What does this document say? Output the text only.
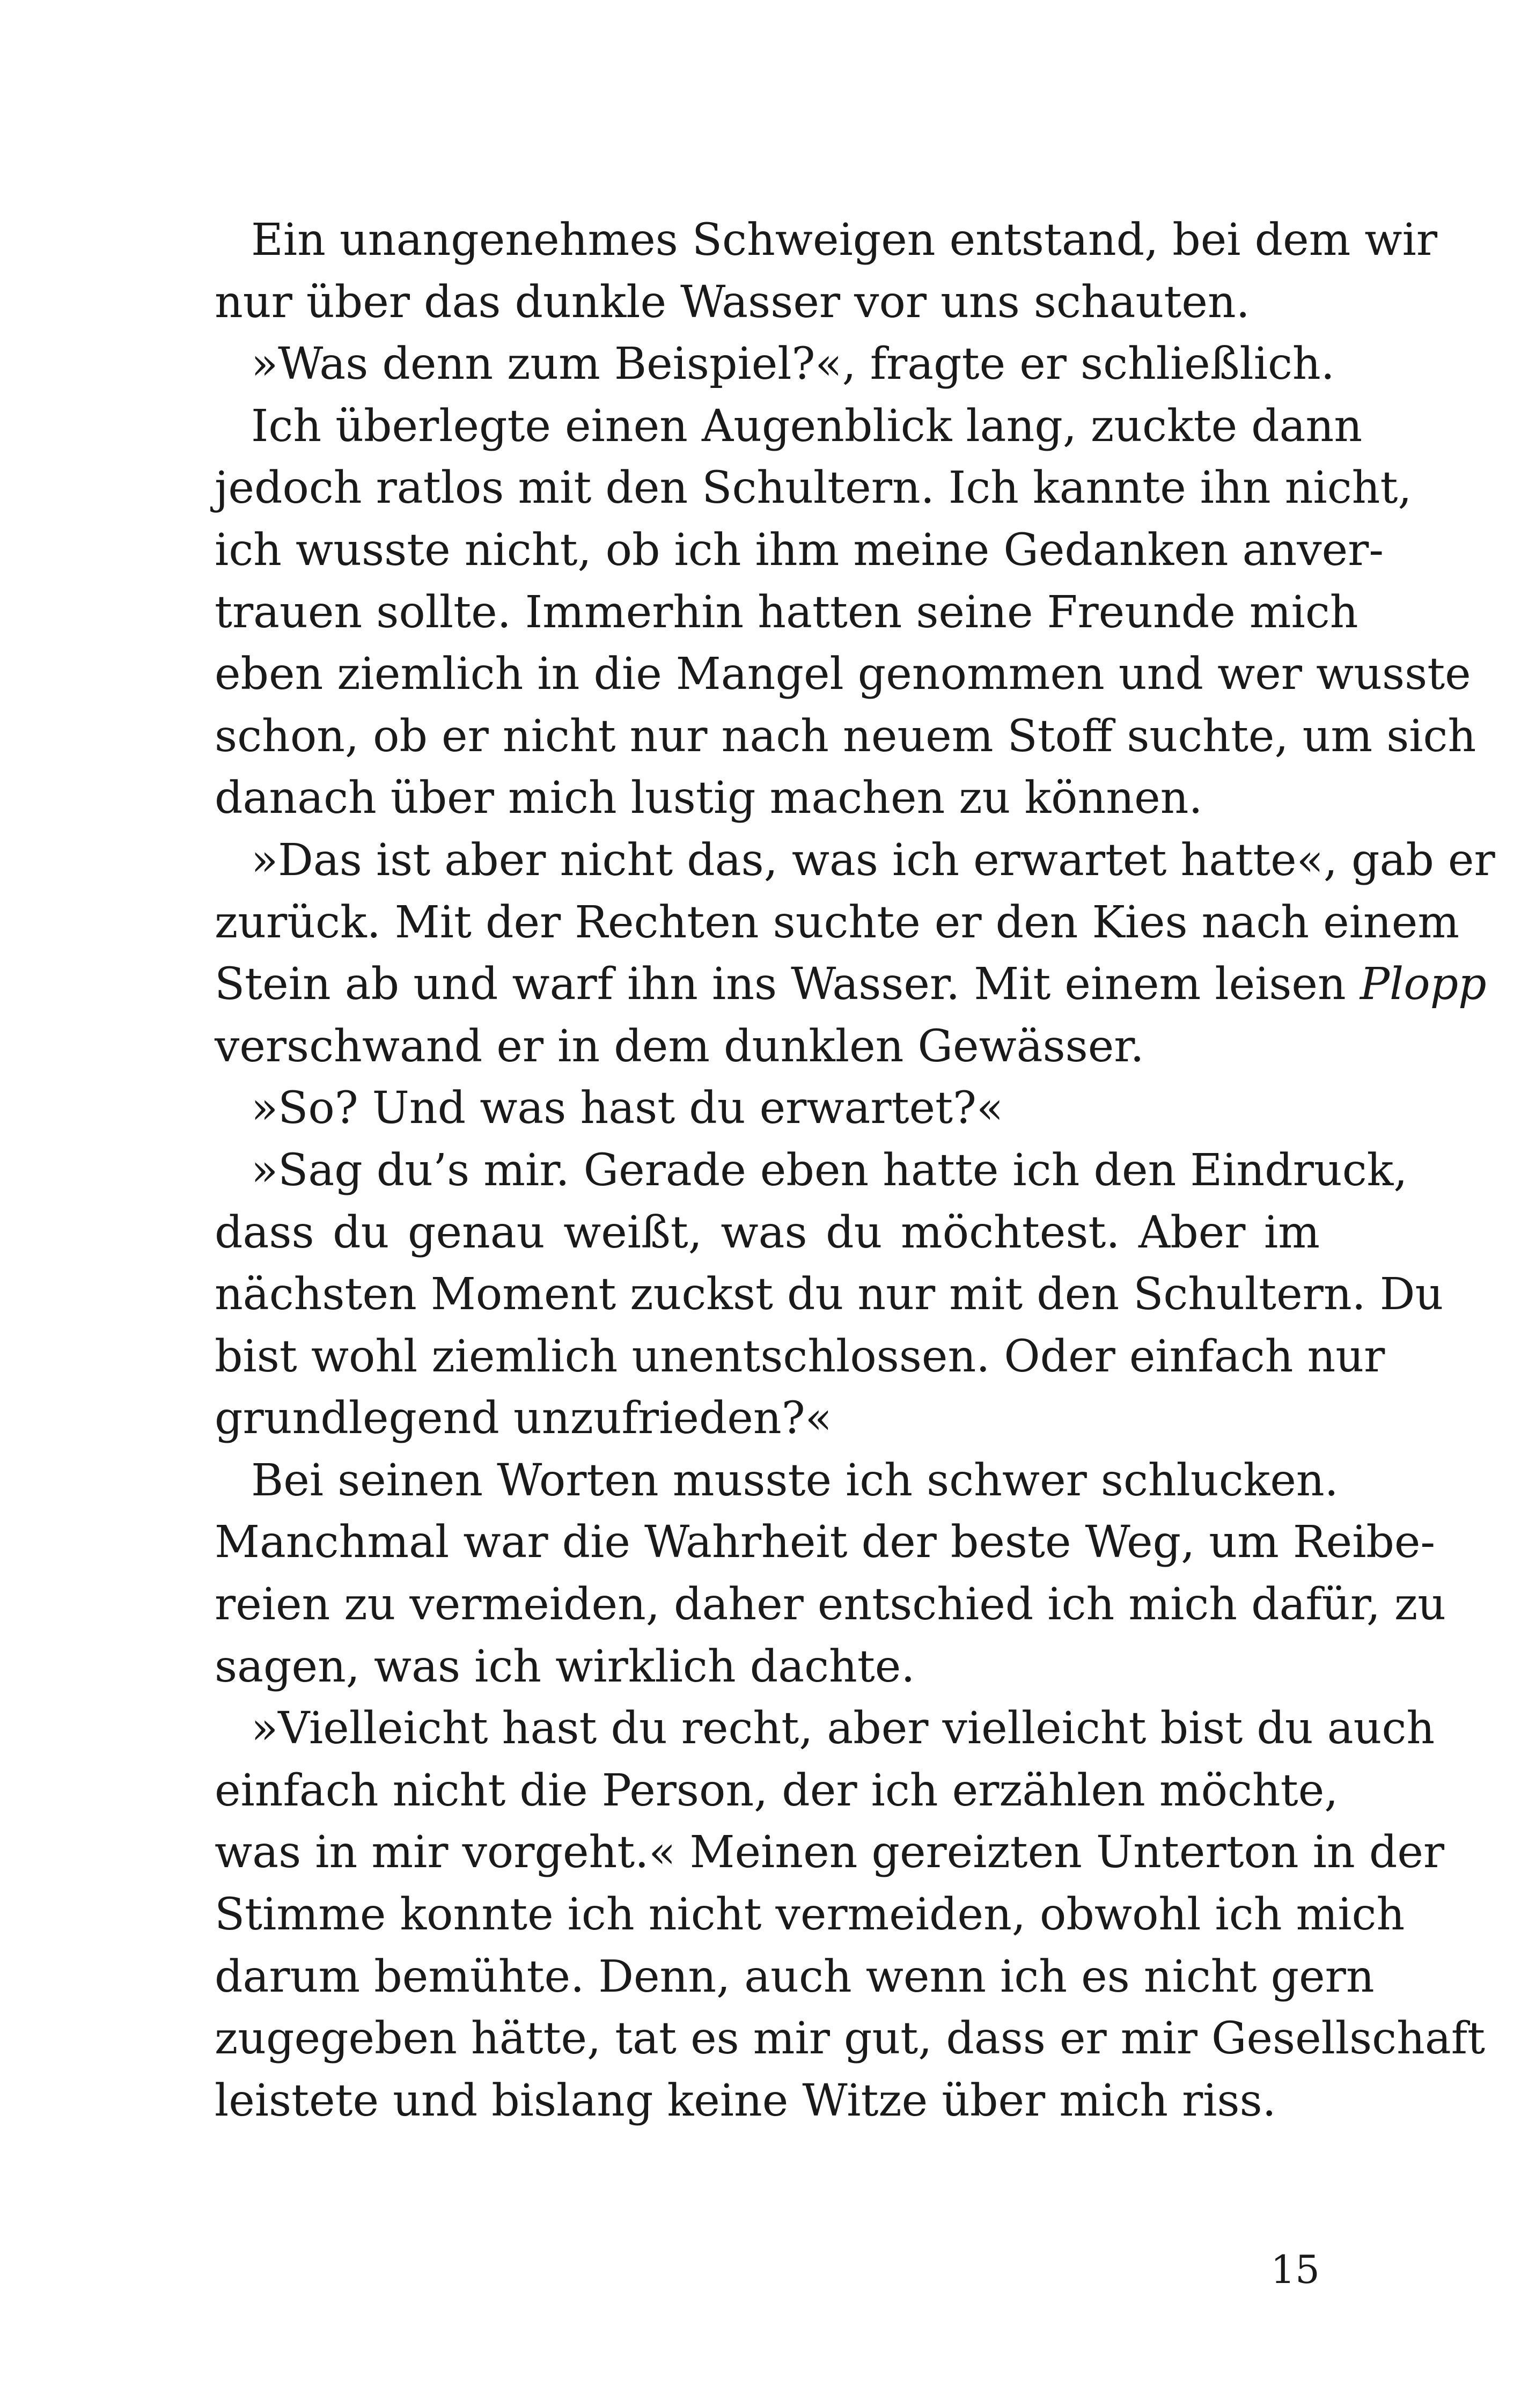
Ein unangenehmes Schweigen entstand, bei dem wir
nur über das dunkle Wasser vor uns schauten.

»Was denn zum Beispiel?«, fragte er schließlich.

Ich überlegte einen Augenblick lang, zuckte dann
jedoch ratlos mit den Schultern. Ich kannte ihn nicht,
ich wusste nicht, ob ich ihm meine Gedanken anver-
trauen sollte. Immerhin hatten seine Freunde mich
eben ziemlich in die Mangel genommen und wer wusste
schon, ob er nicht nur nach neuem Stoff suchte, um sich
danach über mich lustig machen zu können.

»Das ist aber nicht das, was ich erwartet hatte«, gab er
zurück. Mit der Rechten suchte er den Kies nach einem
Stein ab und warf ihn ins Wasser. Mit einem leisen Plopp
verschwand er in dem dunklen Gewässer.

»So? Und was hast du erwartet?«

»Sag du’s mir. Gerade eben hatte ich den Eindruck,
dass du genau weißt, was du möchtest. Aber im
nächsten Moment zuckst du nur mit den Schultern. Du
bist wohl ziemlich unentschlossen. Oder einfach nur
grundlegend unzufrieden?«

Bei seinen Worten musste ich schwer schlucken.
Manchmal war die Wahrheit der beste Weg, um Reibe-
reien zu vermeiden, daher entschied ich mich dafür, zu
sagen, was ich wirklich dachte.

»Vielleicht hast du recht, aber vielleicht bist du auch
einfach nicht die Person, der ich erzählen möchte,
was in mir vorgeht.« Meinen gereizten Unterton in der
Stimme konnte ich nicht vermeiden, obwohl ich mich
darum bemühte. Denn, auch wenn ich es nicht gern
zugegeben hätte, tat es mir gut, dass er mir Gesellschaft
leistete und bislang keine Witze über mich riss.

15
